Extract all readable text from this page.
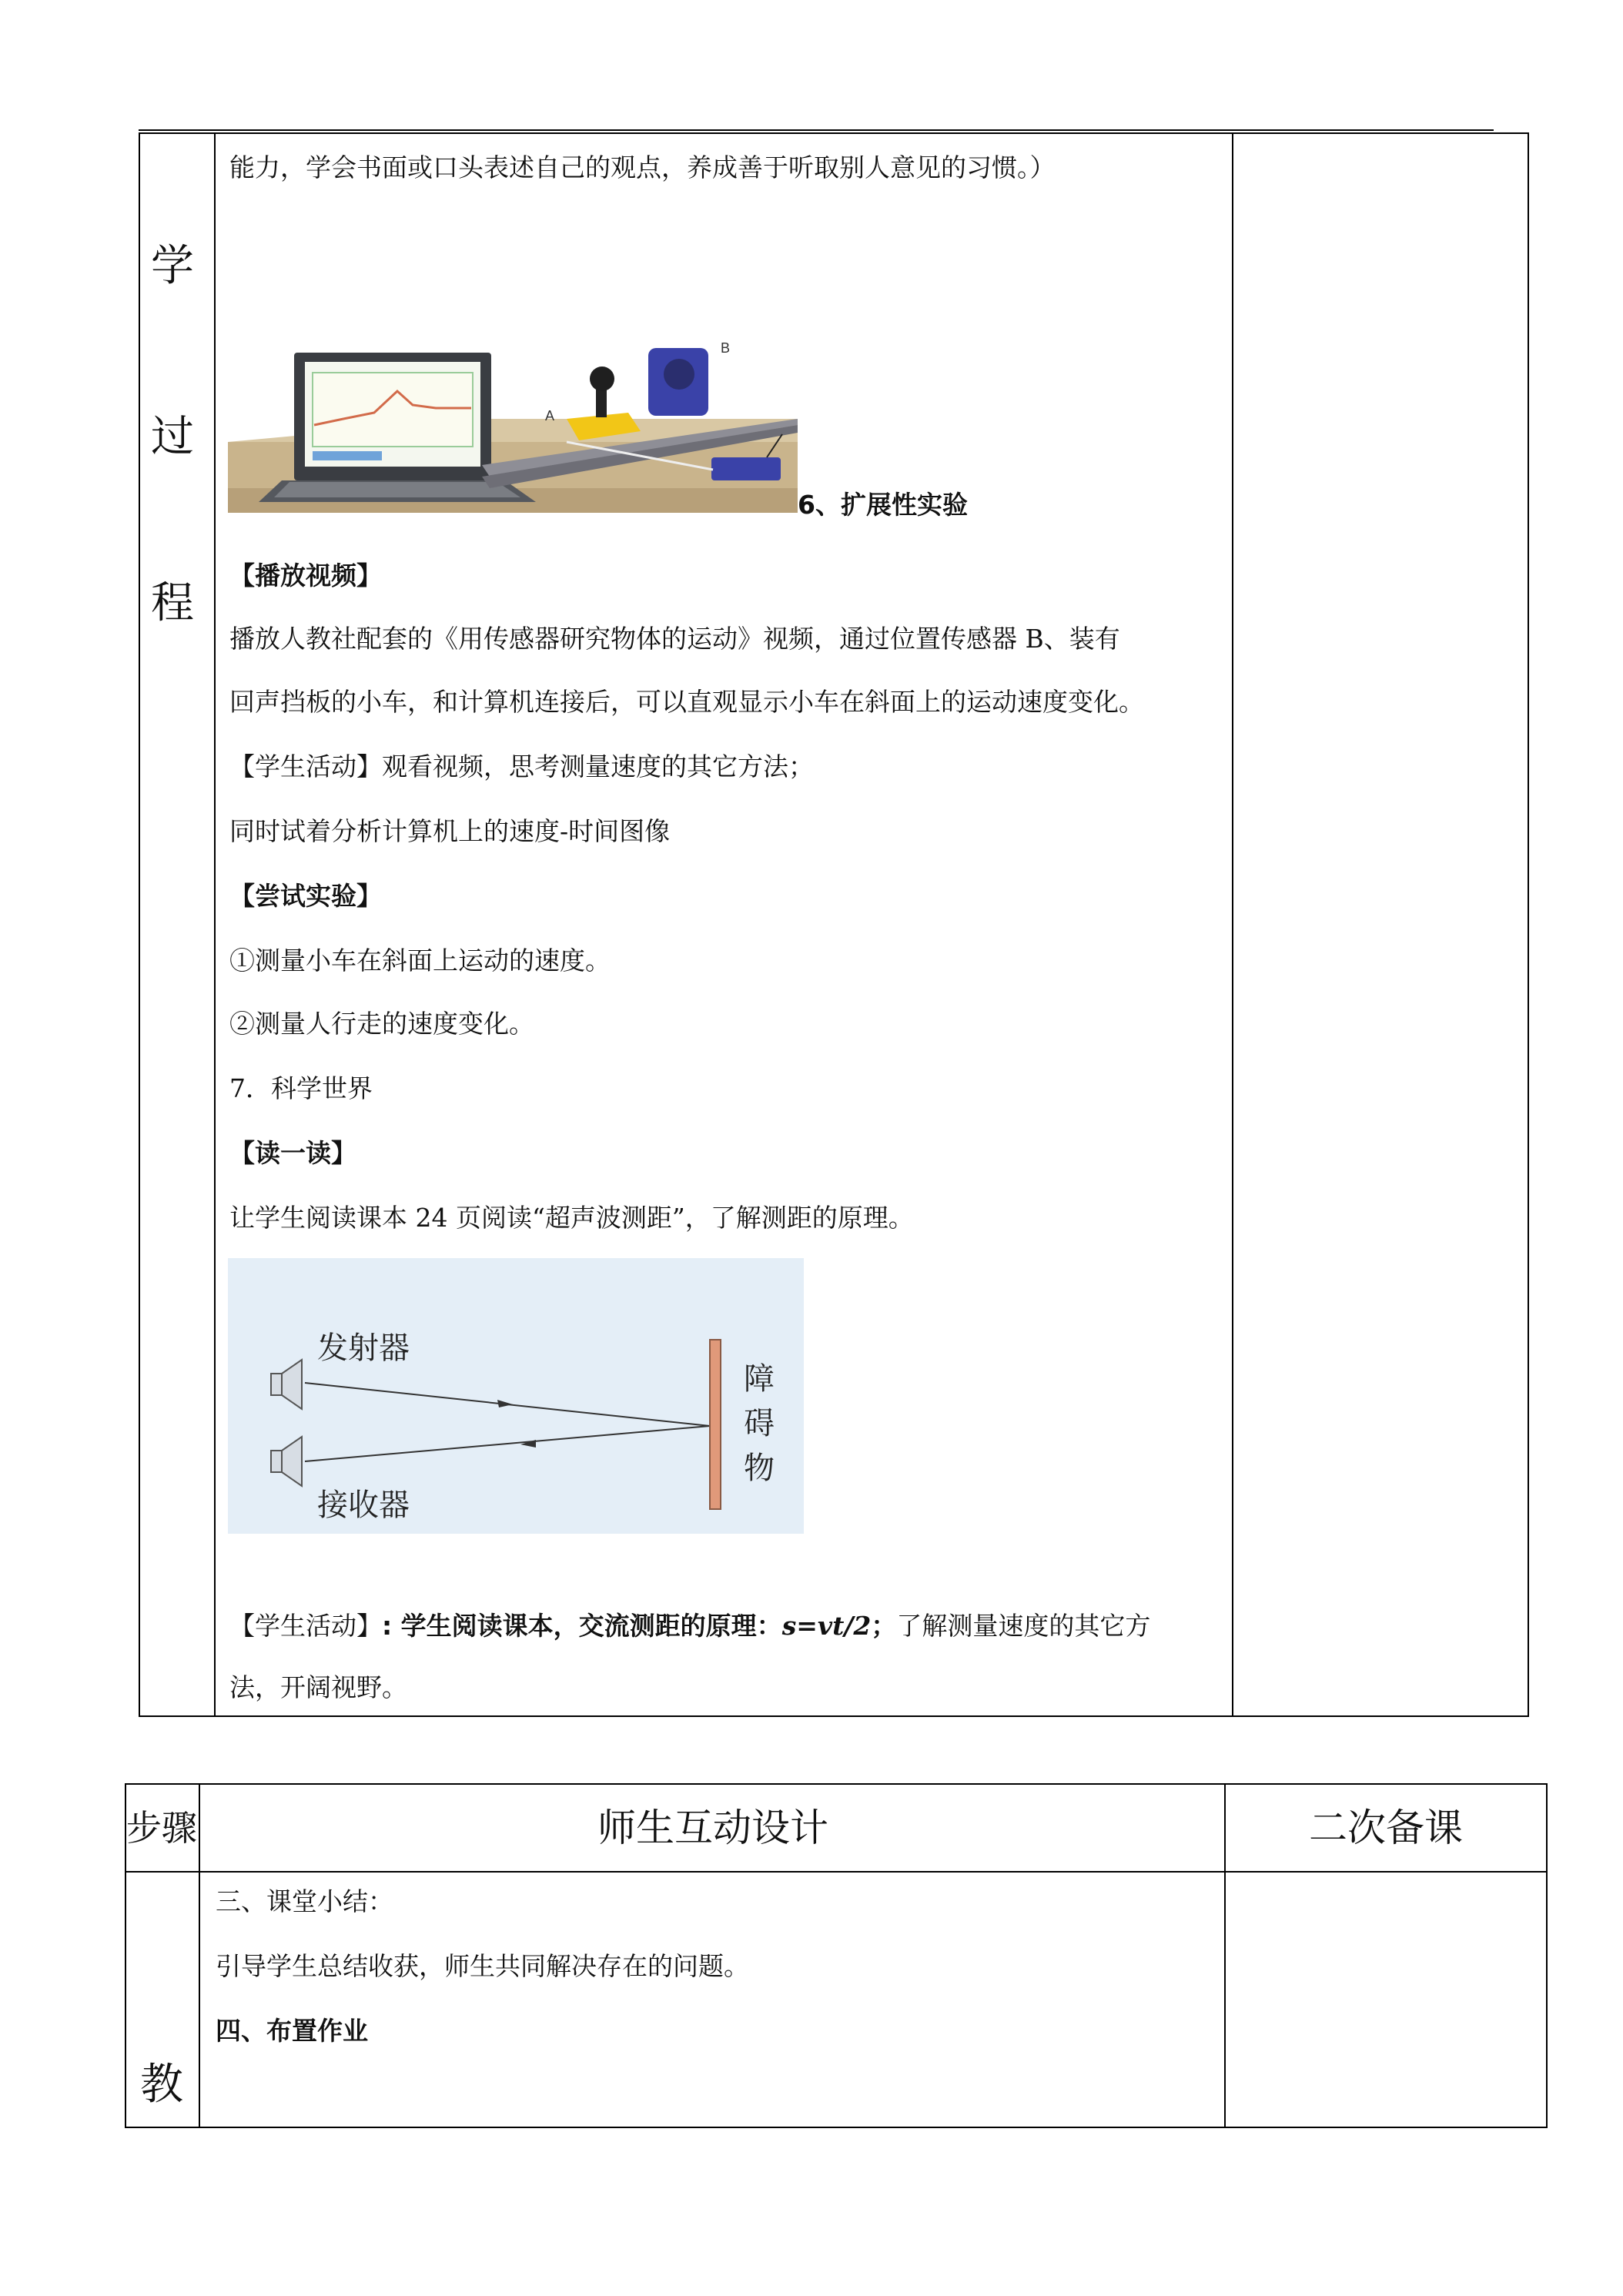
学
过
程
能力，学会书面或口头表述自己的观点，养成善于听取别人意见的习惯。）
A
B
6、扩展性实验
【播放视频】
播放人教社配套的《用传感器研究物体的运动》视频，通过位置传感器 B、装有
回声挡板的小车，和计算机连接后，可以直观显示小车在斜面上的运动速度变化。
【学生活动】观看视频，思考测量速度的其它方法；
同时试着分析计算机上的速度-时间图像
【尝试实验】
①测量小车在斜面上运动的速度。
②测量人行走的速度变化。
7．科学世界
【读一读】
让学生阅读课本 24 页阅读“超声波测距”，了解测距的原理。
发射器
接收器
障
碍
物
【学生活动】: 学生阅读课本，交流测距的原理：s=vt/2；了解测量速度的其它方
法，开阔视野。
步骤	师生互动设计	二次备课
教
三、课堂小结：
引导学生总结收获，师生共同解决存在的问题。
四、布置作业
